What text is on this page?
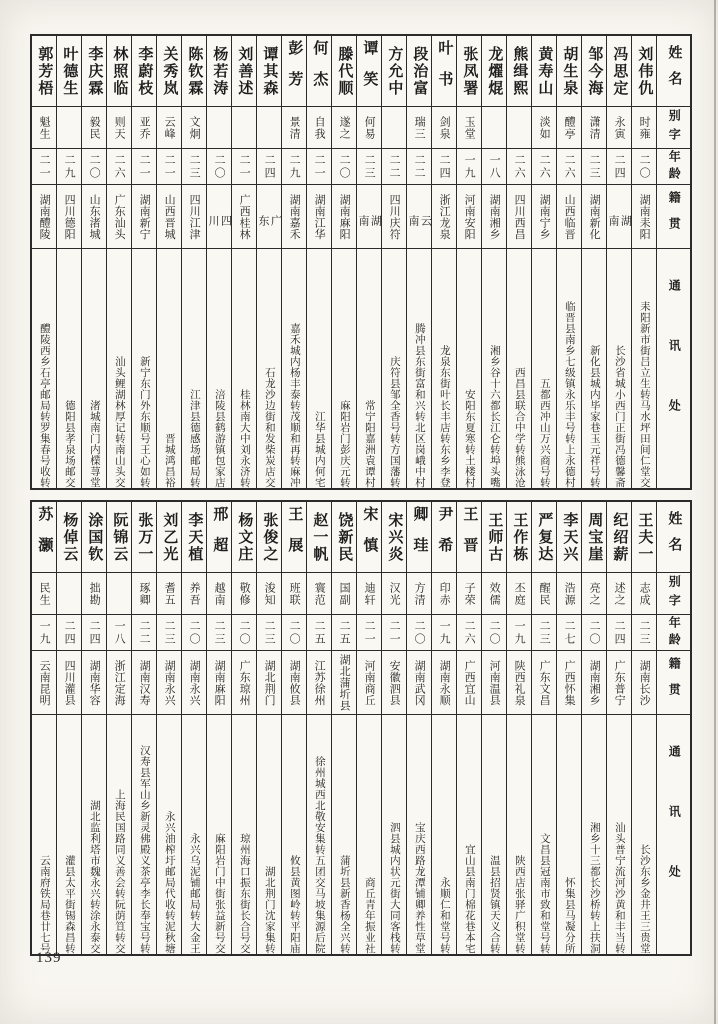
姓名
别字
年龄
籍贯
通讯处
刘伟仇
时雍
二〇
湖南耒阳
耒阳新市街吕立生转马水坪田间仁堂交
冯思定
永寅
二四
湖南
长沙省城小西门正街冯德馨斋
邹今海
潇清
二三
湖南新化
新化县城内毕家巷玉元祥号转
胡生泉
醴亭
二六
山西临晋
临晋县南乡七级镇永乐丰号转上永德村
黄寿山
淡如
二六
湖南宁乡
五都西冲山万兴商号转
熊缉熙
二六
四川西昌
西昌县联合中学转熊泳沧
龙燿焜
一八
湖南湘乡
湘乡谷十六都长江仑转埠头嘴
张凤署
玉堂
一九
河南安阳
安阳东夏寒转土楼村
叶书
剑泉
二四
浙江龙泉
龙泉东街叶长丰店转东乡李登
段治富
瑞三
二二
云南
腾冲县东街富和兴转北区岗峨中村
方允中
二二
四川庆符
庆符县邹全香号转方国藩转
谭笑
何易
二三
湖南
常宁阳嘉洲袁谭村
滕代顺
遂之
二〇
湖南麻阳
麻阳岩门彭庆元转
何杰
自我
二一
湖南江华
江华县城内何宅
彭芳
景清
二九
湖南嘉禾
嘉禾城内杨丰泰转茂顺和再转麻冲
谭其森
二四
广东
石龙沙边街和发柴炭店交
刘善述
二一
广西桂林
桂林南大中刘永济转
杨若涛
二〇
四川
涪陵县鹤游镇包家店
陈钦霖
文炯
二三
四川江津
江津县德感场邮局转
关秀岚
云峰
二一
山西晋城
晋城鸿昌裕
李蔚枝
亚乔
二一
湖南新宁
新宁东门外东顺号王心如转
林照临
则天
二六
广东汕头
汕头鲤湖林厚记转南山头交
李庆霖
毅民
二〇
山东渚城
渚城南门内檏荨堂
叶德生
二九
四川德阳
德阳县孝泉场邮交
郭芳梧
魁生
二一
湖南醴陵
醴陵西乡石亭邮局转罗集春号收转
姓名
别字
年龄
籍贯
通讯处
王夫一
志成
二三
湖南长沙
长沙东乡金井王三贵堂
纪绍薪
述之
二四
广东普宁
汕头普宁流河沙黄和丰当转
周宝崖
亮之
二〇
湖南湘乡
湘乡十三都长沙桥转上扶洞
李天兴
浩源
二七
广西怀集
怀集县马凝分所
严复达
醒民
二三
广东文昌
文昌县冠南市致和堂号转
王作栋
丕庭
一九
陕西礼泉
陕西店张驿广积堂转
王师古
效儒
二〇
河南温县
温县招贤镇天义合转
王晋
子荣
二六
广西宜山
宜山县南门棉花巷本宅
尹希
印赤
一九
湖南永顺
永顺仁和堂号转
卿珪
方清
二〇
湖南武冈
宝庆西路龙潭铺卿养性草堂
宋兴炎
汉光
二一
安徽泗县
泗县城内状元街大同客栈转
宋慎
迪轩
二一
河南商丘
商丘青年振业社
饶新民
国副
二五
湖北蒲圻县
蒲圻县新香杨全兴转
赵一帆
寰范
二五
江苏徐州
徐州城西北敬安集转五团交马坡集源后院
王展
班联
二〇
湖南攸县
攸县黄图岭转平阳庙
张俊之
浚知
二三
湖北荆门
湖北荆门沈家集转
杨文庄
敬修
二〇
广东琼州
琼州海口振东街长合号交
邢超
越南
二三
湖南麻阳
麻阳岩门中街张益新号交
李天植
养吾
二〇
湖南永兴
永兴乌泥铺邮局转大金王
刘乙光
耆五
二三
湖南永兴
永兴油榨圩邮局代收转泥秋塘
张万一
琢卿
二二
湖南汉寿
汉寿县军山乡新灵佛殿义茶亭李长奉宝号转
阮锦云
一八
浙江定海
上海民国路同义善会转阮荫笪转交
涂国钦
拙勘
二四
湖南华容
湖北监利塔市魏永兴转涂永泰交
杨倬云
二四
四川灌县
灌县太平街锡森昌转
苏灏
民生
一九
云南昆明
云南府铁局巷廿七号
139
